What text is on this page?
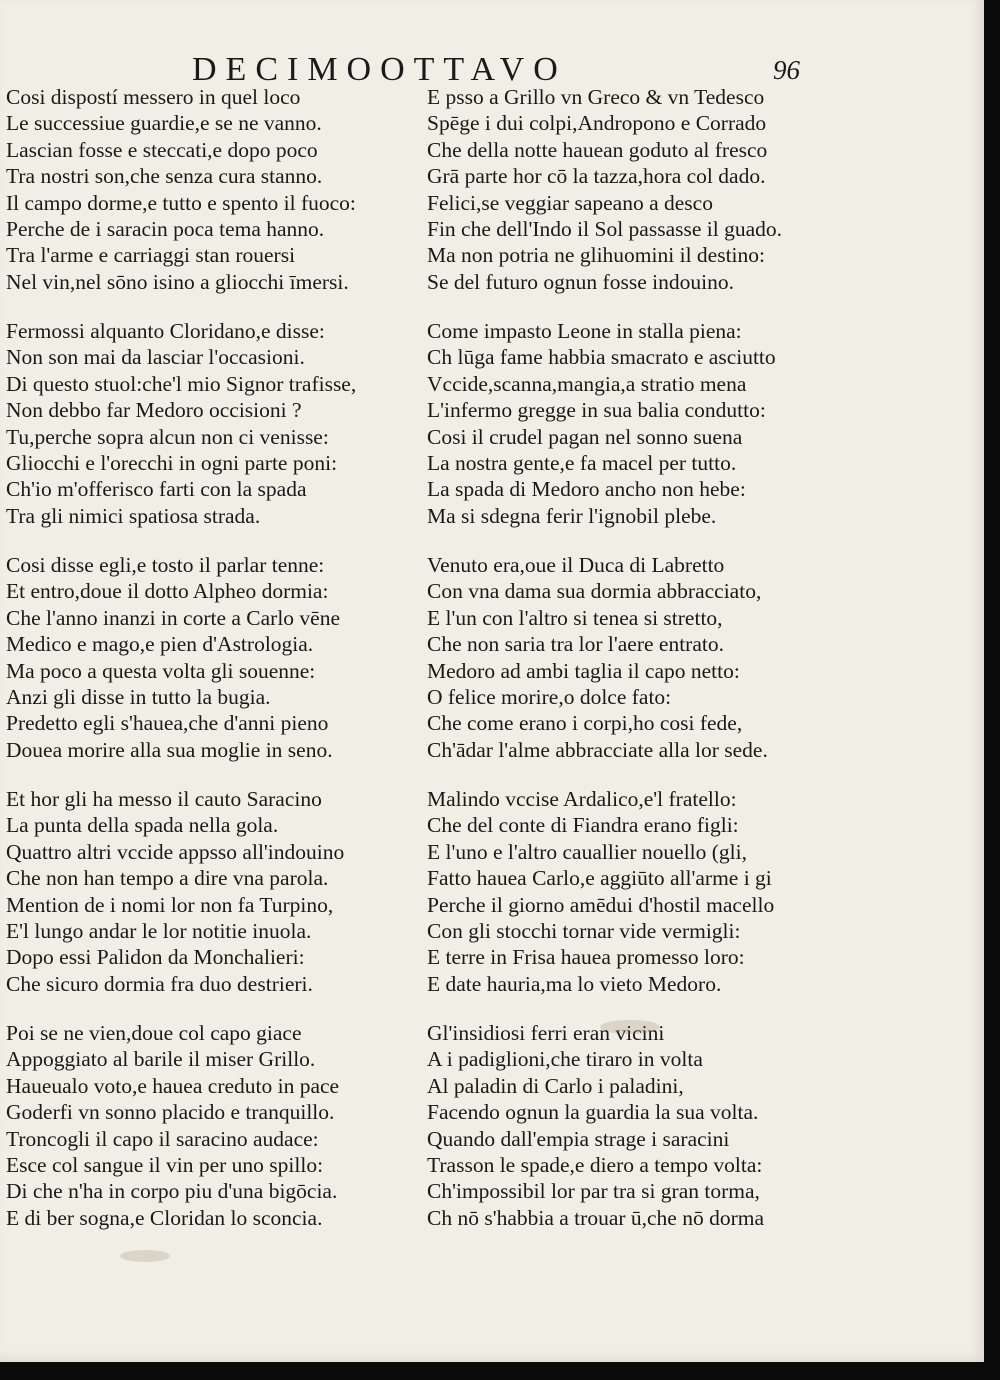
DECIMOOTTAVO	96
Cosi dispostí messero in quel loco
Le successiue guardie,e se ne vanno.
Lascian fosse e steccati,e dopo poco
Tra nostri son,che senza cura stanno.
Il campo dorme,e tutto e spento il fuoco:
Perche de i saracin poca tema hanno.
Tra l'arme e carriaggi stan rouersi
Nel vin,nel sōno isino a gliocchi īmersi.
Fermossi alquanto Cloridano,e disse:
Non son mai da lasciar l'occasioni.
Di questo stuol:che'l mio Signor trafisse,
Non debbo far Medoro occisioni ?
Tu,perche sopra alcun non ci venisse:
Gliocchi e l'orecchi in ogni parte poni:
Ch'io m'offerisco farti con la spada
Tra gli nimici spatiosa strada.
Cosi disse egli,e tosto il parlar tenne:
Et entro,doue il dotto Alpheo dormia:
Che l'anno inanzi in corte a Carlo vēne
Medico e mago,e pien d'Astrologia.
Ma poco a questa volta gli souenne:
Anzi gli disse in tutto la bugia.
Predetto egli s'hauea,che d'anni pieno
Douea morire alla sua moglie in seno.
Et hor gli ha messo il cauto Saracino
La punta della spada nella gola.
Quattro altri vccide appsso all'indouino
Che non han tempo a dire vna parola.
Mention de i nomi lor non fa Turpino,
E'l lungo andar le lor notitie inuola.
Dopo essi Palidon da Monchalieri:
Che sicuro dormia fra duo destrieri.
Poi se ne vien,doue col capo giace
Appoggiato al barile il miser Grillo.
Haueualo voto,e hauea creduto in pace
Goderfi vn sonno placido e tranquillo.
Troncogli il capo il saracino audace:
Esce col sangue il vin per uno spillo:
Di che n'ha in corpo piu d'una bigōcia.
E di ber sogna,e Cloridan lo sconcia.
E psso a Grillo vn Greco & vn Tedesco
Spēge i dui colpi,Andropono e Corrado
Che della notte hauean goduto al fresco
Grā parte hor cō la tazza,hora col dado.
Felici,se veggiar sapeano a desco
Fin che dell'Indo il Sol passasse il guado.
Ma non potria ne glihuomini il destino:
Se del futuro ognun fosse indouino.
Come impasto Leone in stalla piena:
Ch lūga fame habbia smacrato e asciutto
Vccide,scanna,mangia,a stratio mena
L'infermo gregge in sua balia condutto:
Cosi il crudel pagan nel sonno suena
La nostra gente,e fa macel per tutto.
La spada di Medoro ancho non hebe:
Ma si sdegna ferir l'ignobil plebe.
Venuto era,oue il Duca di Labretto
Con vna dama sua dormia abbracciato,
E l'un con l'altro si tenea si stretto,
Che non saria tra lor l'aere entrato.
Medoro ad ambi taglia il capo netto:
O felice morire,o dolce fato:
Che come erano i corpi,ho cosi fede,
Ch'ādar l'alme abbracciate alla lor sede.
Malindo vccise Ardalico,e'l fratello:
Che del conte di Fiandra erano figli:
E l'uno e l'altro cauallier nouello (gli,
Fatto hauea Carlo,e aggiūto all'arme i gi
Perche il giorno amēdui d'hostil macello
Con gli stocchi tornar vide vermigli:
E terre in Frisa hauea promesso loro:
E date hauria,ma lo vieto Medoro.
Gl'insidiosi ferri eran vicini
A i padiglioni,che tiraro in volta
Al paladin di Carlo i paladini,
Facendo ognun la guardia la sua volta.
Quando dall'empia strage i saracini
Trasson le spade,e diero a tempo volta:
Ch'impossibil lor par tra si gran torma,
Ch nō s'habbia a trouar ū,che nō dorma
